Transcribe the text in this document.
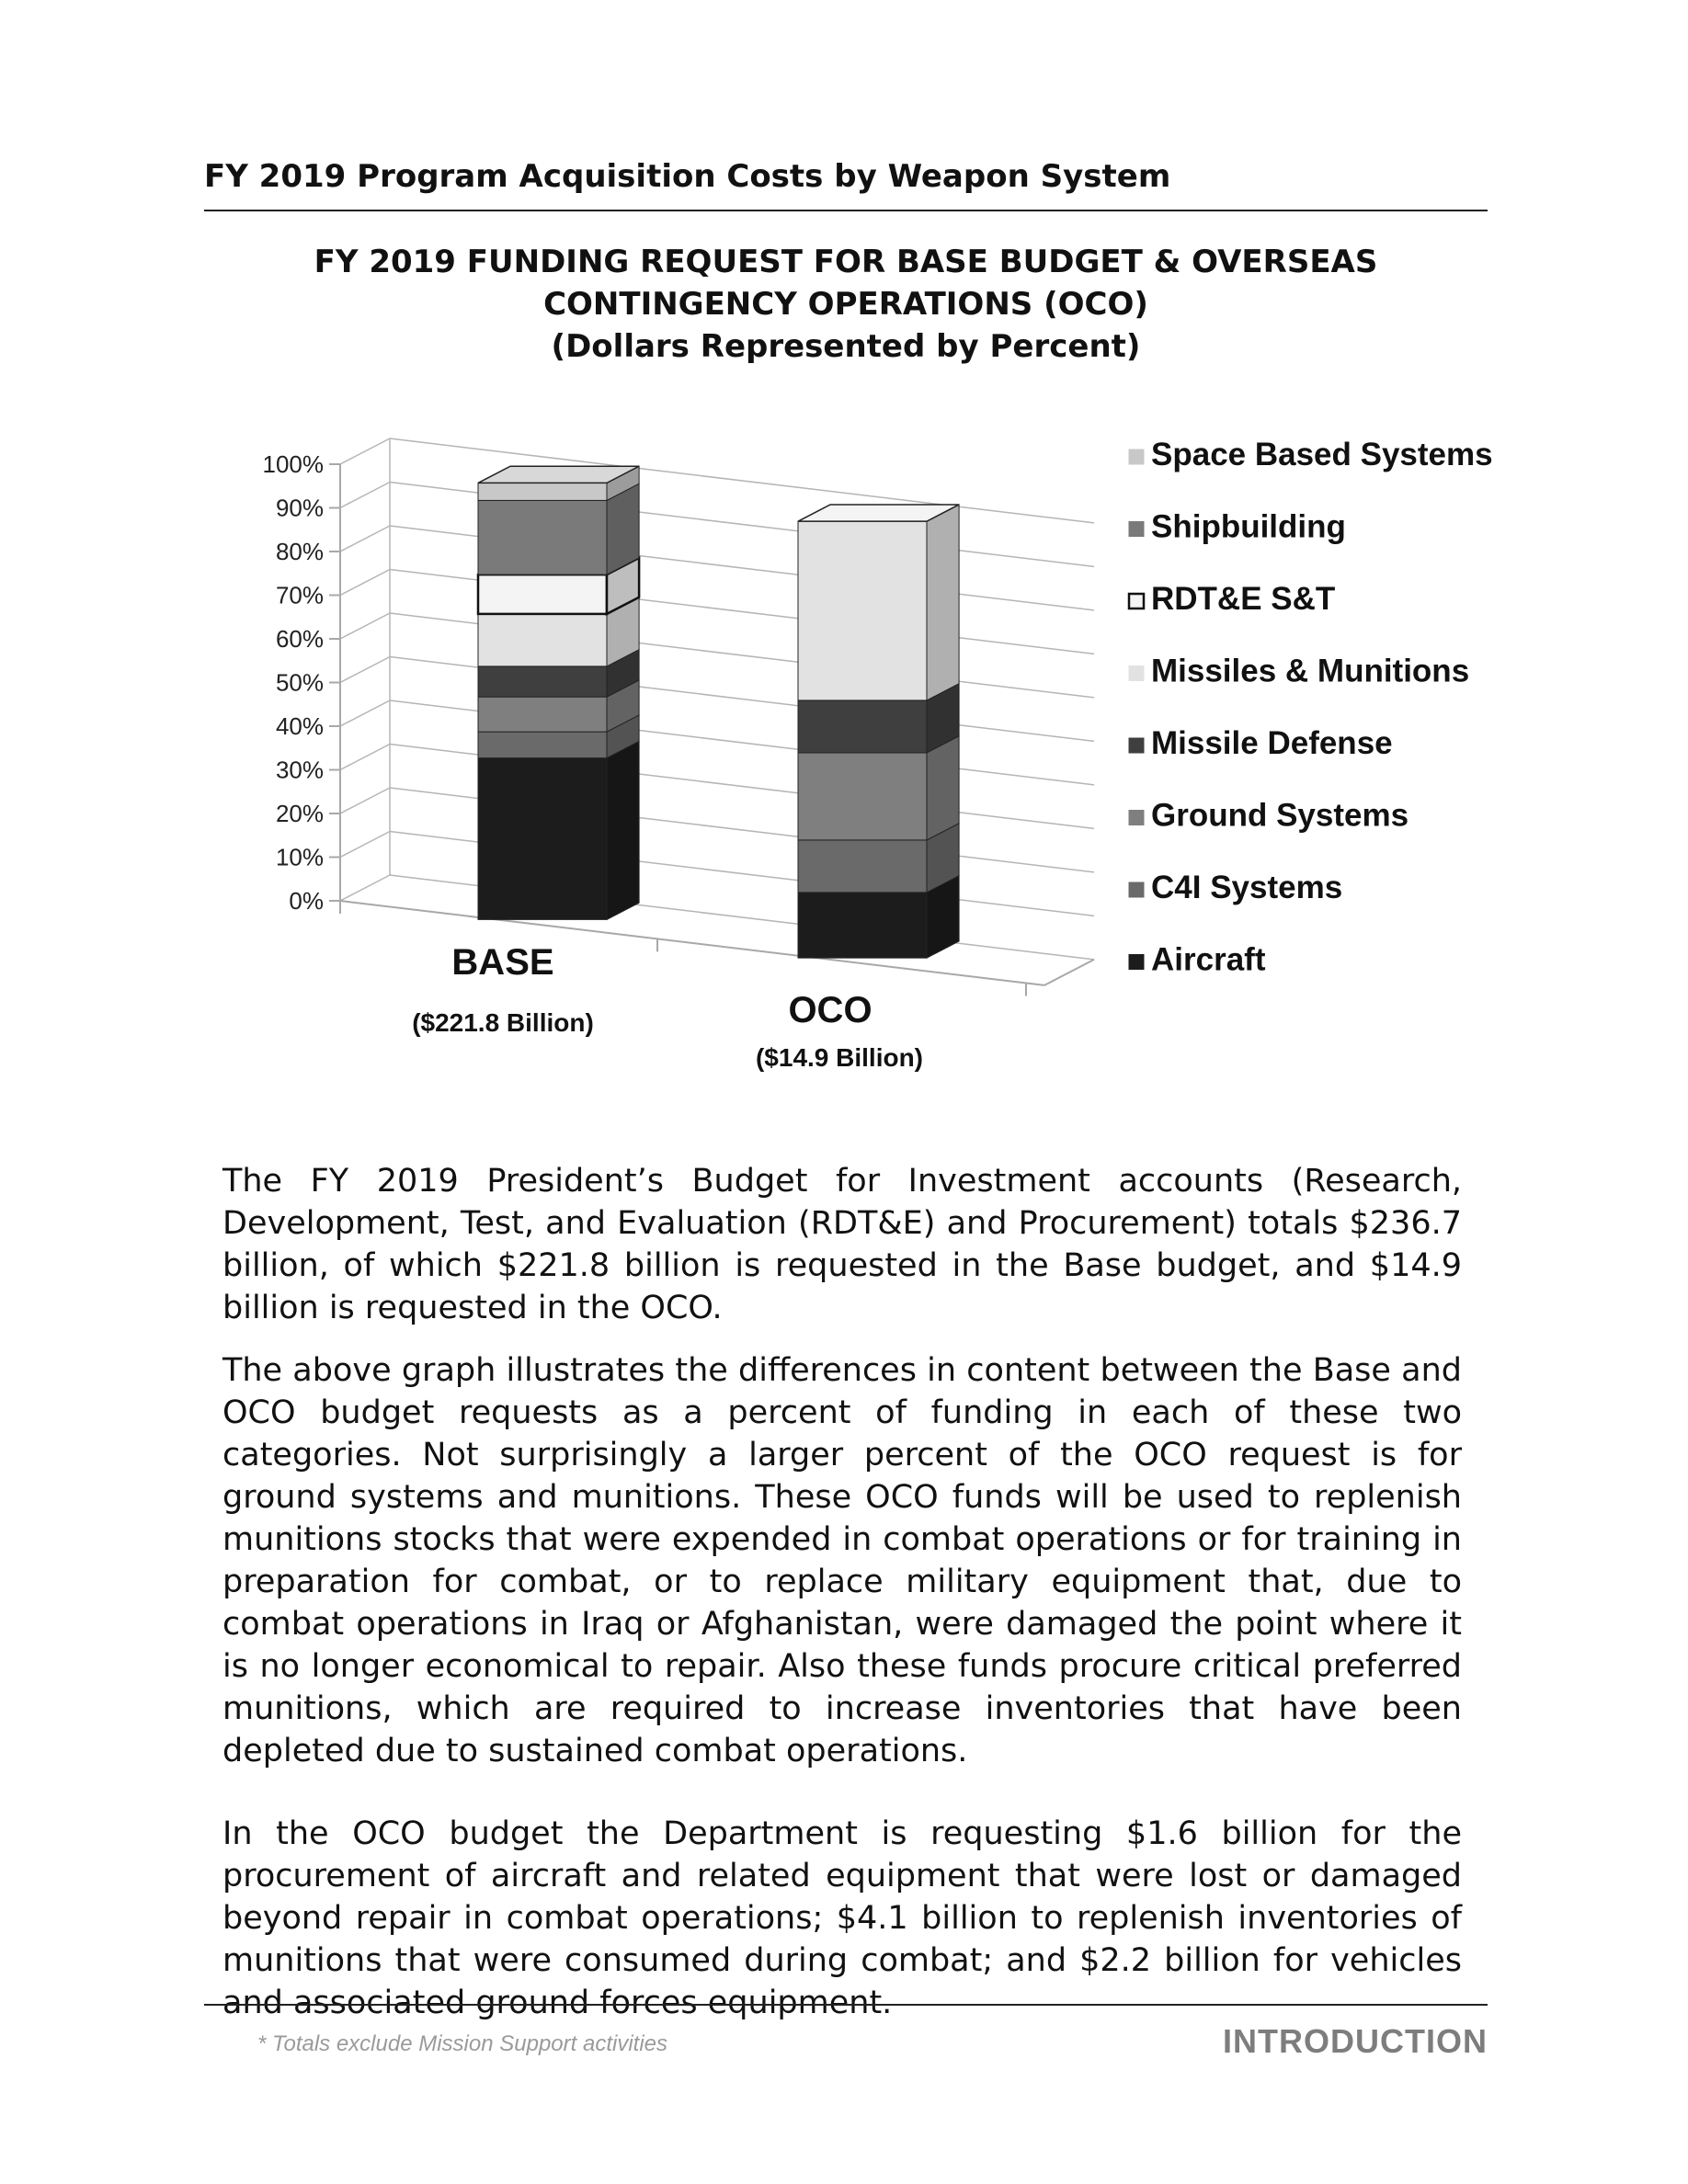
FY 2019 Program Acquisition Costs by Weapon System
FY 2019 FUNDING REQUEST FOR BASE BUDGET & OVERSEAS
CONTINGENCY OPERATIONS (OCO)
(Dollars Represented by Percent)
0%
10%
20%
30%
40%
50%
60%
70%
80%
90%
100%
BASE
($221.8 Billion)	OCO
($14.9 Billion)
Space Based Systems
Shipbuilding
RDT&E S&T
Missiles & Munitions
Missile Defense
Ground Systems
C4I Systems
Aircraft

The FY 2019 President’s Budget for Investment accounts (Research, Development, Test, and Evaluation (RDT&E) and Procurement) totals $236.7 billion, of which $221.8 billion is requested in the Base budget, and $14.9 billion is requested in the OCO.

The above graph illustrates the differences in content between the Base and OCO budget requests as a percent of funding in each of these two categories. Not surprisingly a larger percent of the OCO request is for ground systems and munitions. These OCO funds will be used to replenish munitions stocks that were expended in combat operations or for training in preparation for combat, or to replace military equipment that, due to combat operations in Iraq or Afghanistan, were damaged the point where it is no longer economical to repair. Also these funds procure critical preferred munitions, which are required to increase inventories that have been depleted due to sustained combat operations.

In the OCO budget the Department is requesting $1.6 billion for the procurement of aircraft and related equipment that were lost or damaged beyond repair in combat operations; $4.1 billion to replenish inventories of munitions that were consumed during combat; and $2.2 billion for vehicles and associated ground forces equipment.

* Totals exclude Mission Support activities	INTRODUCTION
